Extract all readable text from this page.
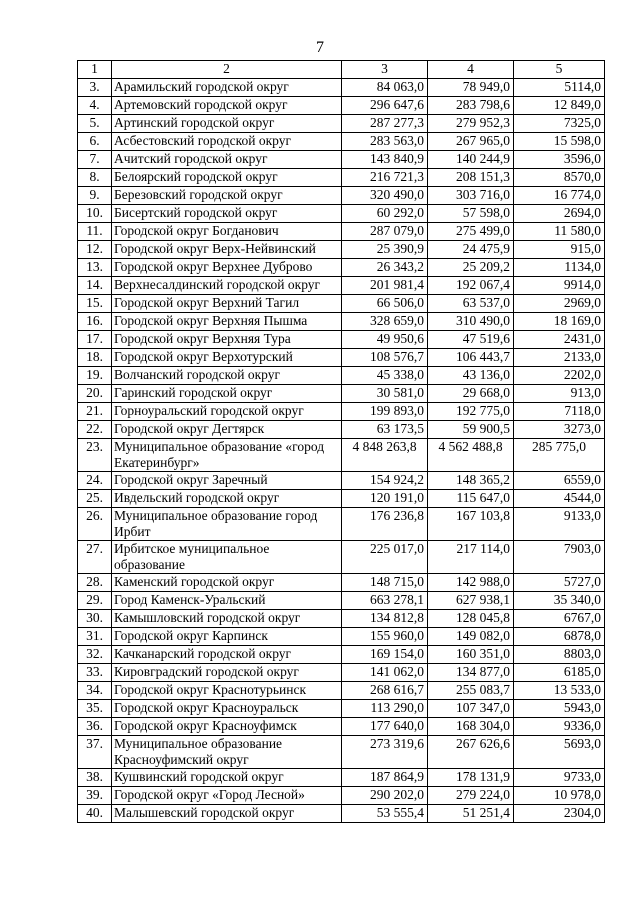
7
1	2	3	4	5
3.	Арамильский городской округ	84 063,0	78 949,0	5114,0
4.	Артемовский городской округ	296 647,6	283 798,6	12 849,0
5.	Артинский городской округ	287 277,3	279 952,3	7325,0
6.	Асбестовский городской округ	283 563,0	267 965,0	15 598,0
7.	Ачитский городской округ	143 840,9	140 244,9	3596,0
8.	Белоярский городской округ	216 721,3	208 151,3	8570,0
9.	Березовский городской округ	320 490,0	303 716,0	16 774,0
10.	Бисертский городской округ	60 292,0	57 598,0	2694,0
11.	Городской округ Богданович	287 079,0	275 499,0	11 580,0
12.	Городской округ Верх-Нейвинский	25 390,9	24 475,9	915,0
13.	Городской округ Верхнее Дуброво	26 343,2	25 209,2	1134,0
14.	Верхнесалдинский городской округ	201 981,4	192 067,4	9914,0
15.	Городской округ Верхний Тагил	66 506,0	63 537,0	2969,0
16.	Городской округ Верхняя Пышма	328 659,0	310 490,0	18 169,0
17.	Городской округ Верхняя Тура	49 950,6	47 519,6	2431,0
18.	Городской округ Верхотурский	108 576,7	106 443,7	2133,0
19.	Волчанский городской округ	45 338,0	43 136,0	2202,0
20.	Гаринский городской округ	30 581,0	29 668,0	913,0
21.	Горноуральский городской округ	199 893,0	192 775,0	7118,0
22.	Городской округ Дегтярск	63 173,5	59 900,5	3273,0
23.	Муниципальное образование «город Екатеринбург»	4 848 263,8	4 562 488,8	285 775,0
24.	Городской округ Заречный	154 924,2	148 365,2	6559,0
25.	Ивдельский городской округ	120 191,0	115 647,0	4544,0
26.	Муниципальное образование город Ирбит	176 236,8	167 103,8	9133,0
27.	Ирбитское муниципальное образование	225 017,0	217 114,0	7903,0
28.	Каменский городской округ	148 715,0	142 988,0	5727,0
29.	Город Каменск-Уральский	663 278,1	627 938,1	35 340,0
30.	Камышловский городской округ	134 812,8	128 045,8	6767,0
31.	Городской округ Карпинск	155 960,0	149 082,0	6878,0
32.	Качканарский городской округ	169 154,0	160 351,0	8803,0
33.	Кировградский городской округ	141 062,0	134 877,0	6185,0
34.	Городской округ Краснотурьинск	268 616,7	255 083,7	13 533,0
35.	Городской округ Красноуральск	113 290,0	107 347,0	5943,0
36.	Городской округ Красноуфимск	177 640,0	168 304,0	9336,0
37.	Муниципальное образование Красноуфимский округ	273 319,6	267 626,6	5693,0
38.	Кушвинский городской округ	187 864,9	178 131,9	9733,0
39.	Городской округ «Город Лесной»	290 202,0	279 224,0	10 978,0
40.	Малышевский городской округ	53 555,4	51 251,4	2304,0
